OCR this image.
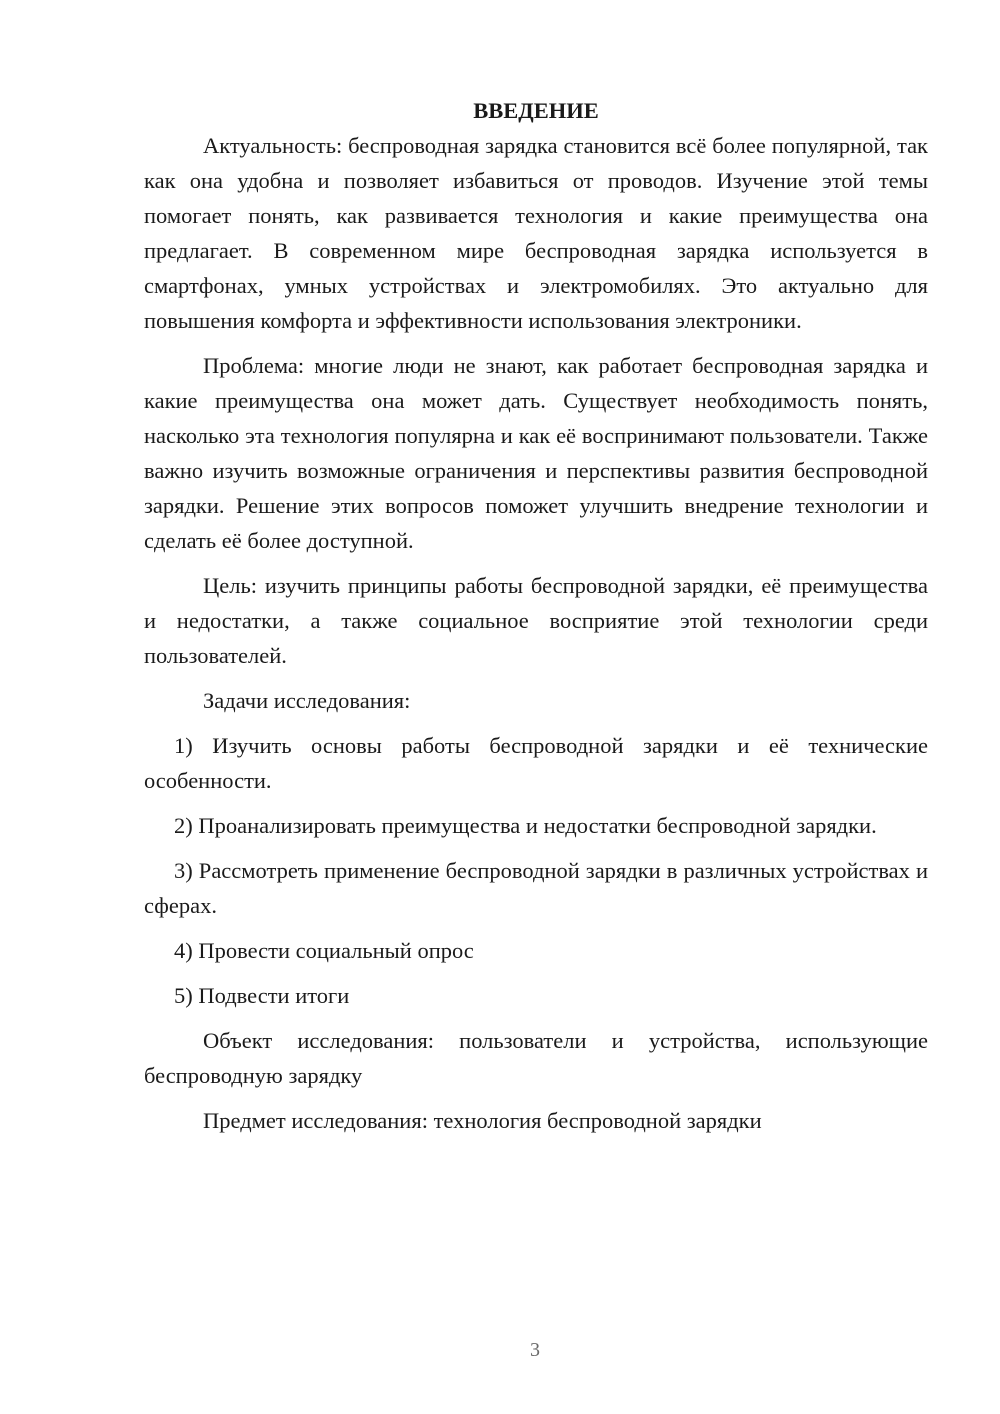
ВВЕДЕНИЕ

Актуальность: беспроводная зарядка становится всё более популярной, так как она удобна и позволяет избавиться от проводов. Изучение этой темы помогает понять, как развивается технология и какие преимущества она предлагает. В современном мире беспроводная зарядка используется в смартфонах, умных устройствах и электромобилях. Это актуально для повышения комфорта и эффективности использования электроники.

Проблема: многие люди не знают, как работает беспроводная зарядка и какие преимущества она может дать. Существует необходимость понять, насколько эта технология популярна и как её воспринимают пользователи. Также важно изучить возможные ограничения и перспективы развития беспроводной зарядки. Решение этих вопросов поможет улучшить внедрение технологии и сделать её более доступной.

Цель: изучить принципы работы беспроводной зарядки, её преимущества и недостатки, а также социальное восприятие этой технологии среди пользователей.

Задачи исследования:

1) Изучить основы работы беспроводной зарядки и её технические особенности.

2) Проанализировать преимущества и недостатки беспроводной зарядки.

3) Рассмотреть применение беспроводной зарядки в различных устройствах и сферах.

4) Провести социальный опрос

5) Подвести итоги

Объект исследования: пользователи и устройства, использующие беспроводную зарядку

Предмет исследования: технология беспроводной зарядки

3
